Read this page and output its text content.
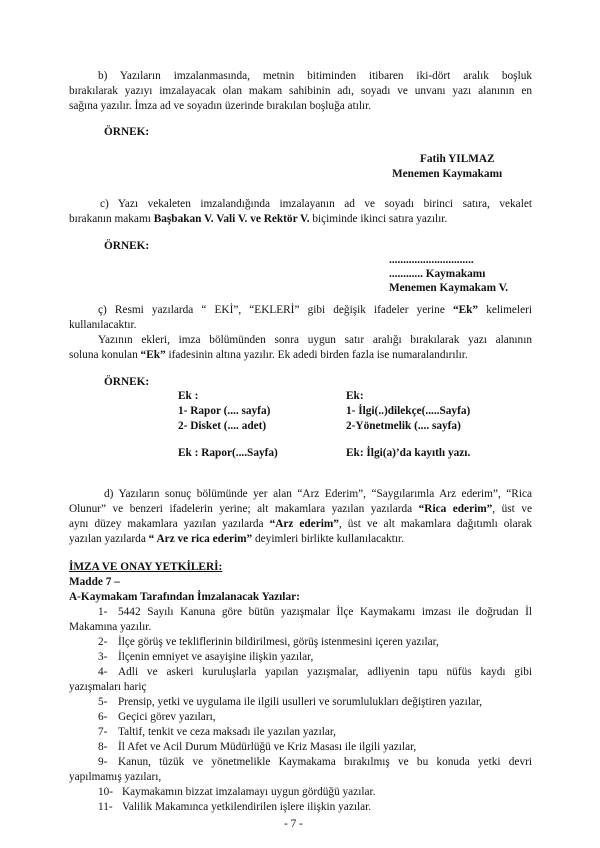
b) Yazıların imzalanmasında, metnin bitiminden itibaren iki-dört aralık boşluk
bırakılarak yazıyı imzalayacak olan makam sahibinin adı, soyadı ve unvanı yazı alanının en
sağına yazılır. İmza ad ve soyadın üzerinde bırakılan boşluğa atılır.
ÖRNEK:
Fatih YILMAZ
Menemen Kaymakamı
c) Yazı vekaleten imzalandığında imzalayanın ad ve soyadı birinci satıra, vekalet
bırakanın makamı Başbakan V. Vali V. ve Rektör V. biçiminde ikinci satıra yazılır.
ÖRNEK:
..............................
............ Kaymakamı
Menemen Kaymakam V.
ç) Resmi yazılarda “ EKİ”, “EKLERİ” gibi değişik ifadeler yerine “Ek” kelimeleri
kullanılacaktır.
Yazının ekleri, imza bölümünden sonra uygun satır aralığı bırakılarak yazı alanının
soluna konulan “Ek” ifadesinin altına yazılır. Ek adedi birden fazla ise numaralandırılır.
ÖRNEK:
Ek :
1- Rapor (.... sayfa)
2- Disket (.... adet)
Ek : Rapor(....Sayfa)
Ek:
1- İlgi(..)dilekçe(.....Sayfa)
2-Yönetmelik (.... sayfa)
Ek: İlgi(a)’da kayıtlı yazı.
d) Yazıların sonuç bölümünde yer alan “Arz Ederim”, “Saygılarımla Arz ederim”, “Rica
Olunur” ve benzeri ifadelerin yerine; alt makamlara yazılan yazılarda “Rica ederim”, üst ve
aynı düzey makamlara yazılan yazılarda “Arz ederim”, üst ve alt makamlara dağıtımlı olarak
yazılan yazılarda “ Arz ve rica ederim” deyimleri birlikte kullanılacaktır.
İMZA VE ONAY YETKİLERİ:
Madde 7 –
A-Kaymakam Tarafından İmzalanacak Yazılar:
1- 5442 Sayılı Kanuna göre bütün yazışmalar İlçe Kaymakamı imzası ile doğrudan İl
Makamına yazılır.
2- İlçe görüş ve tekliflerinin bildirilmesi, görüş istenmesini içeren yazılar,
3- İlçenin emniyet ve asayişine ilişkin yazılar,
4- Adli ve askeri kuruluşlarla yapılan yazışmalar, adliyenin tapu nüfüs kaydı gibi
yazışmaları hariç
5- Prensip, yetki ve uygulama ile ilgili usulleri ve sorumlulukları değiştiren yazılar,
6- Geçici görev yazıları,
7- Taltif, tenkit ve ceza maksadı ile yazılan yazılar,
8- İl Afet ve Acil Durum Müdürlüğü ve Kriz Masası ile ilgili yazılar,
9- Kanun, tüzük ve yönetmelikle Kaymakama bırakılmış ve bu konuda yetki devri
yapılmamış yazıları,
10- Kaymakamın bizzat imzalamayı uygun gördüğü yazılar.
11- Valilik Makamınca yetkilendirilen işlere ilişkin yazılar.
- 7 -
